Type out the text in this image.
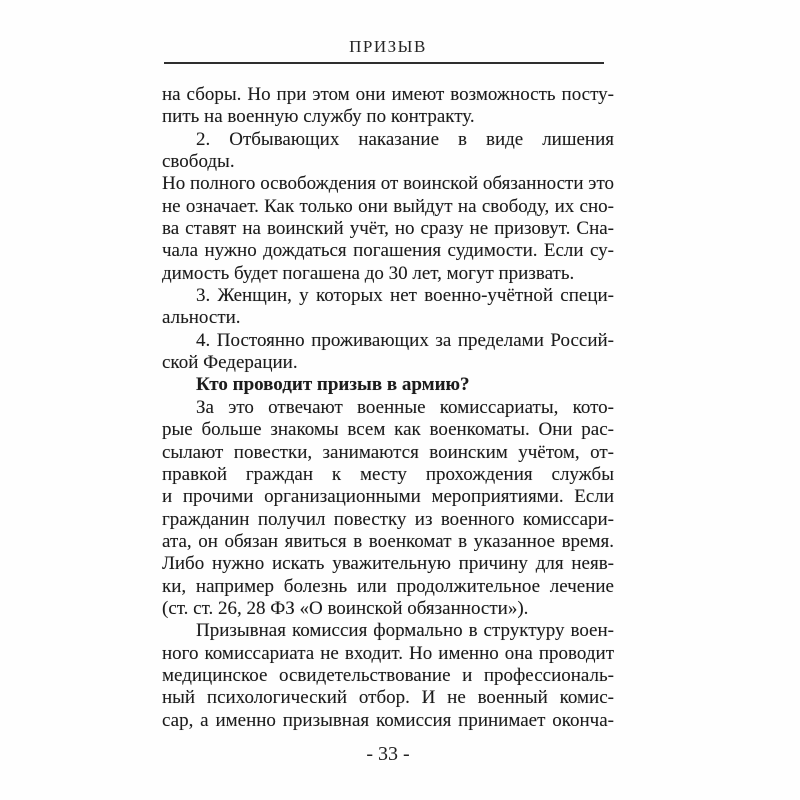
ПРИЗЫВ
на сборы. Но при этом они имеют возможность посту-
пить на военную службу по контракту.
2. Отбывающих наказание в виде лишения свободы.
Но полного освобождения от воинской обязанности это
не означает. Как только они выйдут на свободу, их сно-
ва ставят на воинский учёт, но сразу не призовут. Сна-
чала нужно дождаться погашения судимости. Если су-
димость будет погашена до 30 лет, могут призвать.
3. Женщин, у которых нет военно-учётной специ-
альности.
4. Постоянно проживающих за пределами Россий-
ской Федерации.
Кто проводит призыв в армию?
За это отвечают военные комиссариаты, кото-
рые больше знакомы всем как военкоматы. Они рас-
сылают повестки, занимаются воинским учётом, от-
правкой граждан к месту прохождения службы
и прочими организационными мероприятиями. Если
гражданин получил повестку из военного комиссари-
ата, он обязан явиться в военкомат в указанное время.
Либо нужно искать уважительную причину для неяв-
ки, например болезнь или продолжительное лечение
(ст. ст. 26, 28 ФЗ «О воинской обязанности»).
Призывная комиссия формально в структуру воен-
ного комиссариата не входит. Но именно она проводит
медицинское освидетельствование и профессиональ-
ный психологический отбор. И не военный комис-
сар, а именно призывная комиссия принимает оконча-
- 33 -
